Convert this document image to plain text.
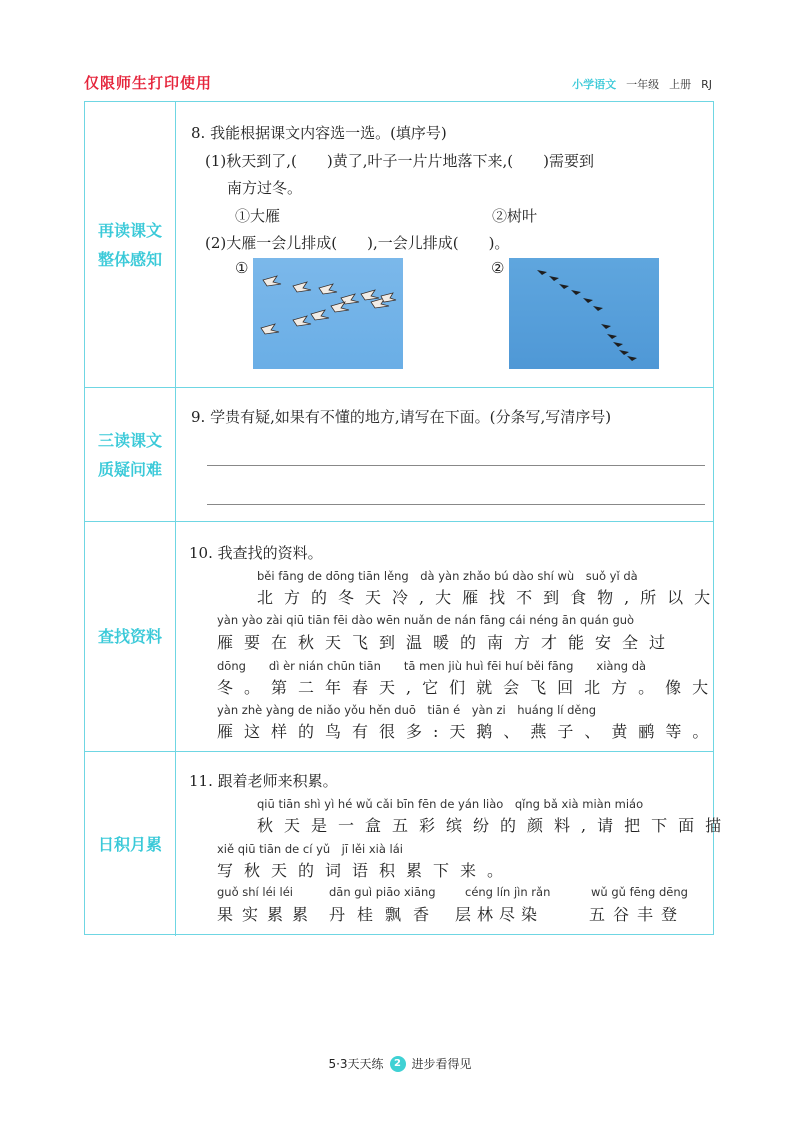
仅限师生打印使用	小学语文 一年级 上册 RJ
再读课文
整体感知
8. 我能根据课文内容选一选。(填序号)
(1)秋天到了,(　　)黄了,叶子一片片地落下来,(　　)需要到
南方过冬。
①大雁	②树叶
(2)大雁一会儿排成(　　),一会儿排成(　　)。
①	②
三读课文
质疑问难
9. 学贵有疑,如果有不懂的地方,请写在下面。(分条写,写清序号)
查找资料
10. 我查找的资料。
běi fāng de dōng tiān lěng　dà yàn zhǎo bú dào shí wù　suǒ yǐ dà
北方的冬天冷,大雁找不到食物,所以大
yàn yào zài qiū tiān fēi dào wēn nuǎn de nán fāng cái néng ān quán guò
雁要在秋天飞到温暖的南方才能安全过
dōng　　dì èr nián chūn tiān　　tā men jiù huì fēi huí běi fāng　　xiàng dà
冬。第二年春天,它们就会飞回北方。像大
yàn zhè yàng de niǎo yǒu hěn duō　tiān é　yàn zi　huáng lí děng
雁这样的鸟有很多:天鹅、燕子、黄鹂等。
日积月累
11. 跟着老师来积累。
qiū tiān shì yì hé wǔ cǎi bīn fēn de yán liào　qǐng bǎ xià miàn miáo
秋天是一盒五彩缤纷的颜料,请把下面描
xiě qiū tiān de cí yǔ　jī lěi xià lái
写秋天的词语积累下来。
guǒ shí léi léi
果实累累
dān guì piāo xiāng
丹桂飘香
céng lín jìn rǎn
层林尽染
wǔ gǔ fēng dēng
五谷丰登
5·3天天练	2 进步看得见
